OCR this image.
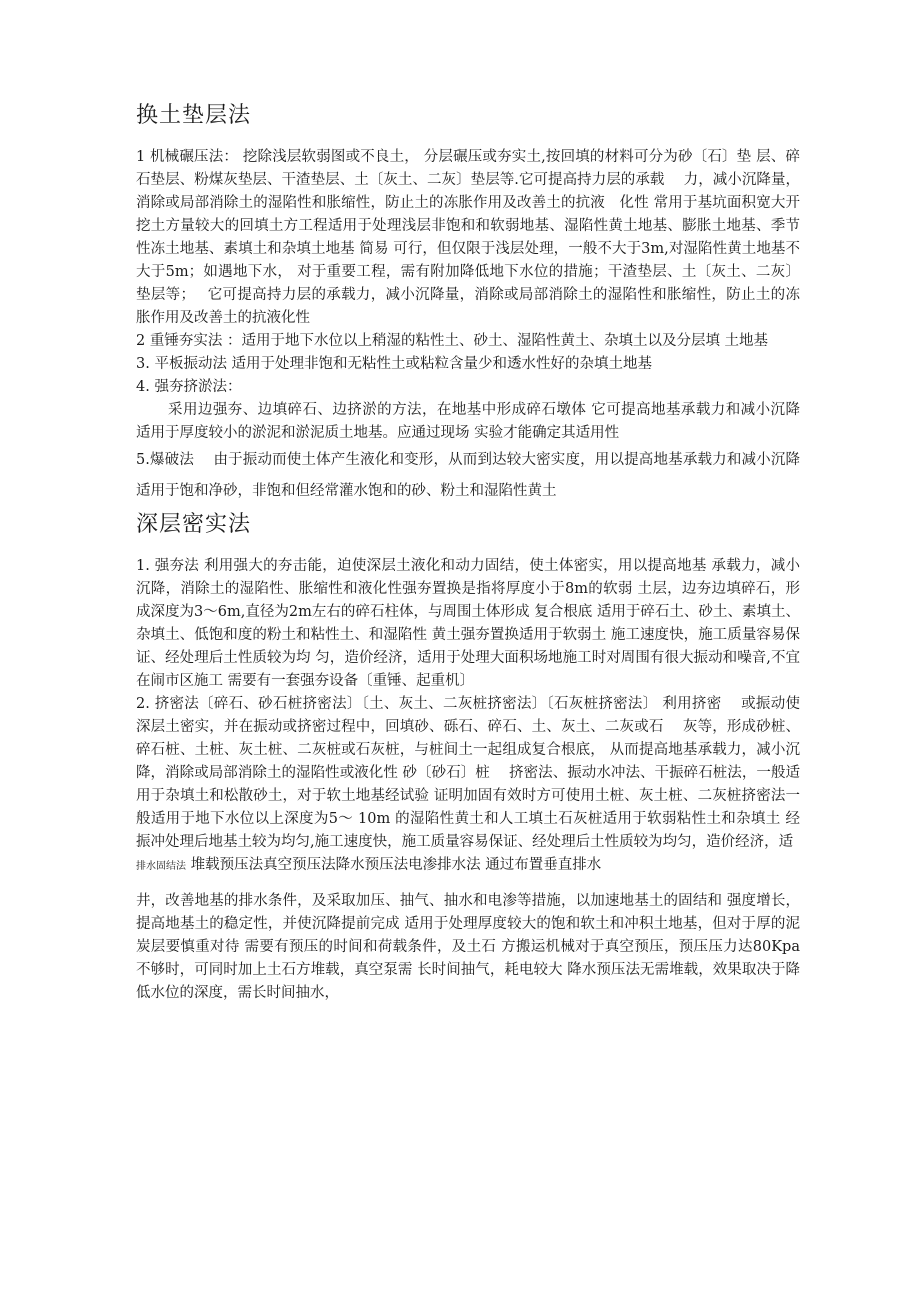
换土垫层法

1 机械碾压法： 挖除浅层软弱图或不良土， 分层碾压或夯实土,按回填的材料可分为砂〔石〕垫 层、碎石垫层、粉煤灰垫层、干渣垫层、土〔灰土、二灰〕垫层等.它可提高持力层的承载　 力，减小沉降量，消除或局部消除土的湿陷性和胀缩性，防止土的冻胀作用及改善土的抗液　化性 常用于基坑面积宽大开挖土方量较大的回填土方工程适用于处理浅层非饱和和软弱地基、湿陷性黄土地基、膨胀土地基、季节性冻土地基、素填土和杂填土地基 简易 可行，但仅限于浅层处理，一般不大于3m,对湿陷性黄土地基不大于5m；如遇地下水， 对于重要工程，需有附加降低地下水位的措施；干渣垫层、土〔灰土、二灰〕垫层等；　 它可提高持力层的承载力，减小沉降量，消除或局部消除土的湿陷性和胀缩性，防止土的冻　 胀作用及改善土的抗液化性

2 重锤夯实法 ：适用于地下水位以上稍湿的粘性土、砂土、湿陷性黄土、杂填土以及分层填 土地基

3. 平板振动法 适用于处理非饱和无粘性土或粘粒含量少和透水性好的杂填土地基

4. 强夯挤淤法：

采用边强夯、边填碎石、边挤淤的方法，在地基中形成碎石墩体 它可提高地基承载力和减小沉降 适用于厚度较小的淤泥和淤泥质土地基。应通过现场 实验才能确定其适用性

5.爆破法　 由于振动而使土体产生液化和变形，从而到达较大密实度，用以提高地基承载力和减小沉降 适用于饱和净砂，非饱和但经常灌水饱和的砂、粉土和湿陷性黄土

深层密实法

1. 强夯法 利用强大的夯击能，迫使深层土液化和动力固结，使土体密实，用以提高地基 承载力，减小沉降，消除土的湿陷性、胀缩性和液化性强夯置换是指将厚度小于8m的软弱 土层，边夯边填碎石，形成深度为3～6m,直径为2m左右的碎石柱体，与周围土体形成 复合根底 适用于碎石土、砂土、素填土、杂填土、低饱和度的粉土和粘性土、和湿陷性 黄土强夯置换适用于软弱土 施工速度快，施工质量容易保证、经处理后土性质较为均 匀，造价经济，适用于处理大面积场地施工时对周围有很大振动和噪音,不宜在闹市区施工 需要有一套强夯设备〔重锤、起重机〕

2. 挤密法〔碎石、砂石桩挤密法〕〔土、灰土、二灰桩挤密法〕〔石灰桩挤密法〕 利用挤密　 或振动使深层土密实，并在振动或挤密过程中，回填砂、砾石、碎石、土、灰土、二灰或石　 灰等，形成砂桩、碎石桩、土桩、灰土桩、二灰桩或石灰桩，与桩间土一起组成复合根底， 从而提高地基承载力，减小沉降，消除或局部消除土的湿陷性或液化性 砂〔砂石〕桩　 挤密法、振动水冲法、干振碎石桩法，一般适用于杂填土和松散砂土，对于软土地基经试验 证明加固有效时方可使用土桩、灰土桩、二灰桩挤密法一般适用于地下水位以上深度为5～ 10m 的湿陷性黄土和人工填土石灰桩适用于软弱粘性土和杂填土 经振冲处理后地基土较为均匀,施工速度快，施工质量容易保证、经处理后土性质较为均匀，造价经济，适

排水固结法 堆载预压法真空预压法降水预压法电渗排水法 通过布置垂直排水

井，改善地基的排水条件，及采取加压、抽气、抽水和电渗等措施，以加速地基土的固结和 强度增长，提高地基土的稳定性，并使沉降提前完成 适用于处理厚度较大的饱和软土和冲积土地基，但对于厚的泥炭层要慎重对待 需要有预压的时间和荷载条件，及土石 方搬运机械对于真空预压，预压压力达80Kpa不够时，可同时加上土石方堆载，真空泵需 长时间抽气，耗电较大 降水预压法无需堆载，效果取决于降低水位的深度，需长时间抽水，
